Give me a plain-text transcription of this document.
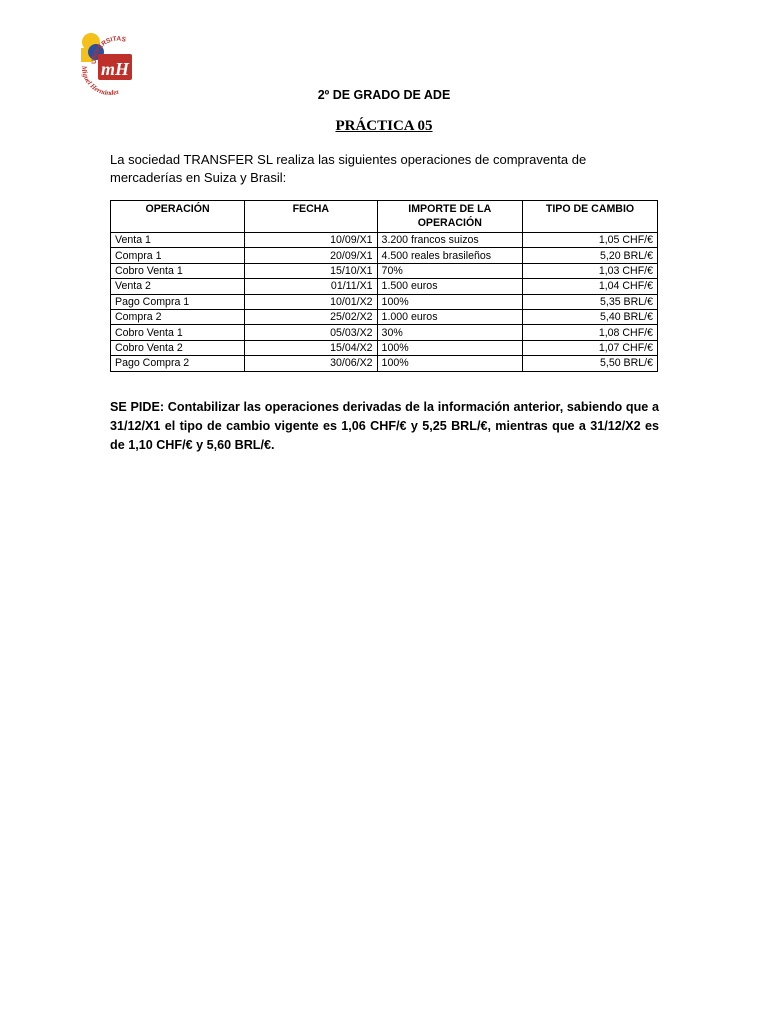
mH
UNIVERSITAS
Miguel Hernández	2º DE GRADO DE ADE
PRÁCTICA 05
La sociedad TRANSFER SL realiza las siguientes operaciones de compraventa de mercaderías en Suiza y Brasil:
OPERACIÓN	FECHA	IMPORTE DE LA OPERACIÓN	TIPO DE CAMBIO
Venta 1	10/09/X1	3.200 francos suizos	1,05 CHF/€
Compra 1	20/09/X1	4.500 reales brasileños	5,20 BRL/€
Cobro Venta 1	15/10/X1	70%	1,03 CHF/€
Venta 2	01/11/X1	1.500 euros	1,04 CHF/€
Pago Compra 1	10/01/X2	100%	5,35 BRL/€
Compra 2	25/02/X2	1.000 euros	5,40 BRL/€
Cobro Venta 1	05/03/X2	30%	1,08 CHF/€
Cobro Venta 2	15/04/X2	100%	1,07 CHF/€
Pago Compra 2	30/06/X2	100%	5,50 BRL/€
SE PIDE: Contabilizar las operaciones derivadas de la información anterior, sabiendo que a 31/12/X1 el tipo de cambio vigente es 1,06 CHF/€ y 5,25 BRL/€, mientras que a 31/12/X2 es de 1,10 CHF/€ y 5,60 BRL/€.
